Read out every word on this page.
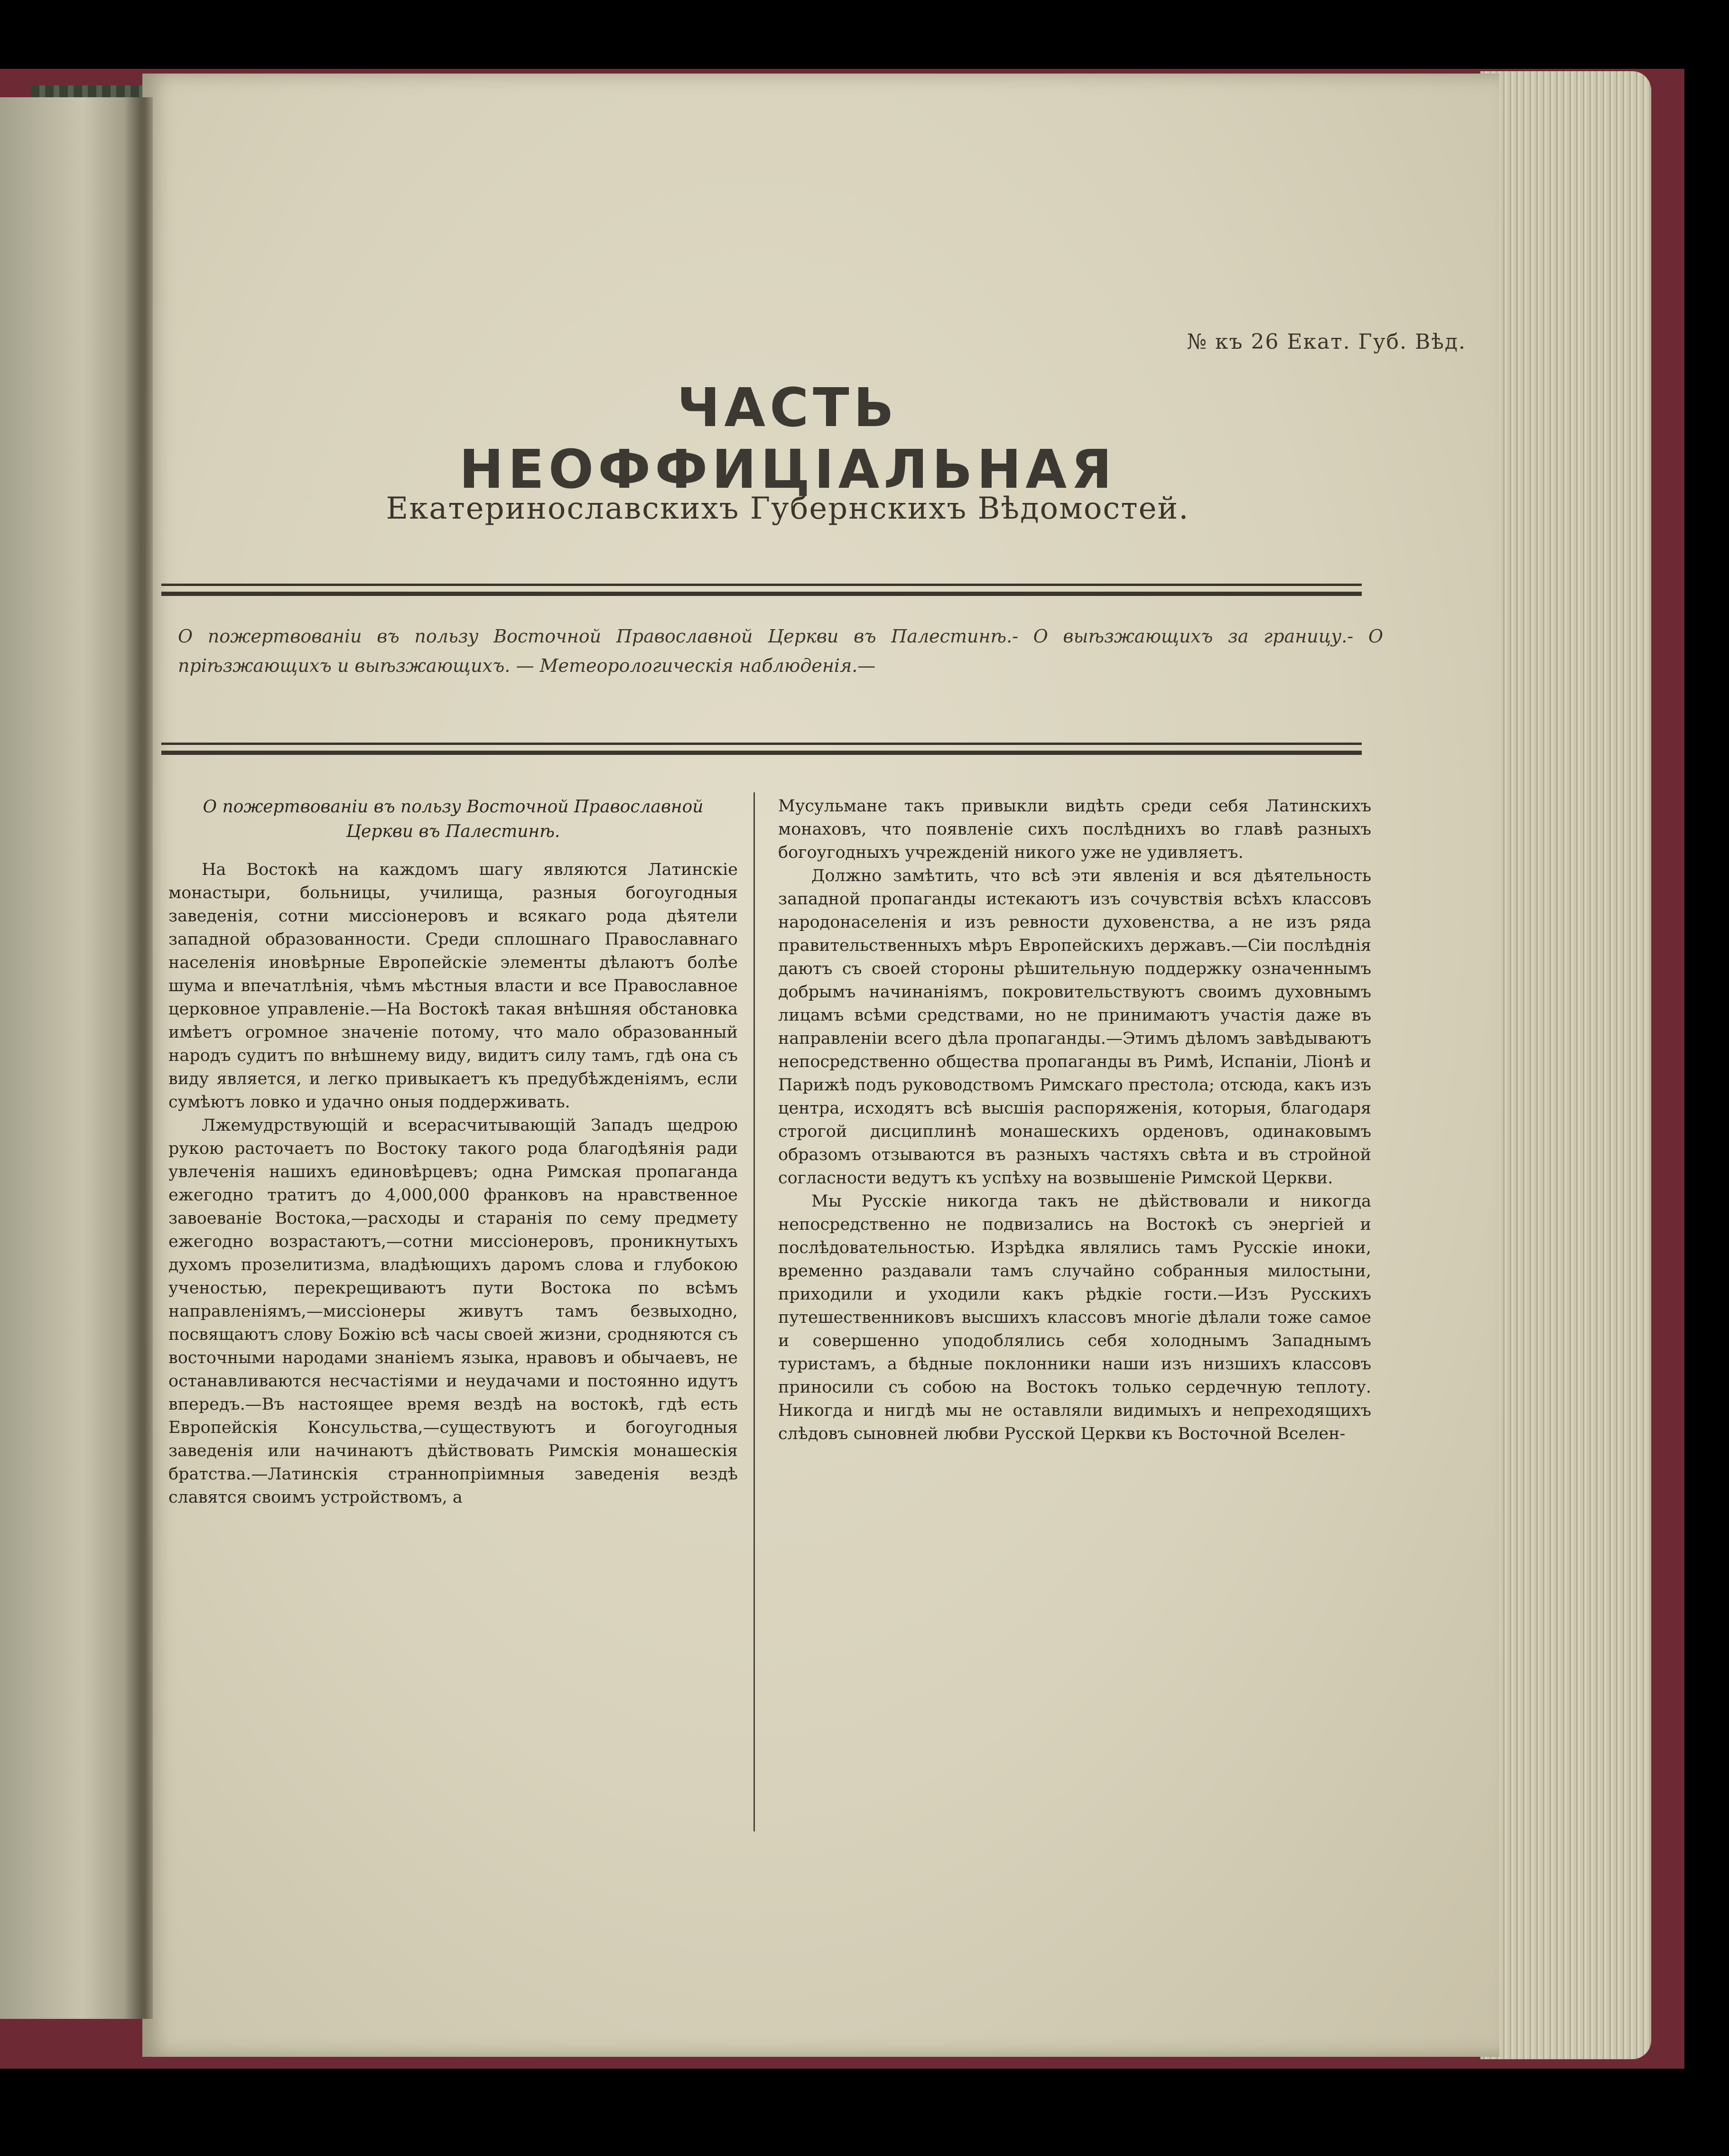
№ къ 26 Екат. Губ. Вѣд.
ЧАСТЬ НЕОФФИЦІАЛЬНАЯ
Екатеринославскихъ Губернскихъ Вѣдомостей.
О пожертвованіи въ пользу Восточной Православной Церкви въ Палестинѣ.- О выѣзжающихъ за границу.- О пріѣзжающихъ и выѣзжающихъ. — Метеорологическія наблюденія.—

О пожертвованіи въ пользу Восточной Православной Церкви въ Палестинѣ.

На Востокѣ на каждомъ шагу являются Латинскіе монастыри, больницы, училища, разныя богоугодныя заведенія, сотни миссіонеровъ и всякаго рода дѣятели западной образованности. Среди сплошнаго Православнаго населенія иновѣрные Европейскіе элементы дѣлаютъ болѣе шума и впечатлѣнія, чѣмъ мѣстныя власти и все Православное церковное управленіе.—На Востокѣ такая внѣшняя обстановка имѣетъ огромное значеніе потому, что мало образованный народъ судитъ по внѣшнему виду, видитъ силу тамъ, гдѣ она съ виду является, и легко привыкаетъ къ предубѣжденіямъ, если сумѣютъ ловко и удачно оныя поддерживать.

Лжемудрствующій и всерасчитывающій Западъ щедрою рукою расточаетъ по Востоку такого рода благодѣянія ради увлеченія нашихъ единовѣрцевъ; одна Римская пропаганда ежегодно тратитъ до 4,000,000 франковъ на нравственное завоеваніе Востока,—расходы и старанія по сему предмету ежегодно возрастаютъ,—сотни миссіонеровъ, проникнутыхъ духомъ прозелитизма, владѣющихъ даромъ слова и глубокою ученостью, перекрещиваютъ пути Востока по всѣмъ направленіямъ,—миссіонеры живутъ тамъ безвыходно, посвящаютъ слову Божію всѣ часы своей жизни, сродняются съ восточными народами знаніемъ языка, нравовъ и обычаевъ, не останавливаются несчастіями и неудачами и постоянно идутъ впередъ.—Въ настоящее время вездѣ на востокѣ, гдѣ есть Европейскія Консульства,—существуютъ и богоугодныя заведенія или начинаютъ дѣйствовать Римскія монашескія братства.—Латинскія страннопріимныя заведенія вездѣ славятся своимъ устройствомъ, а

Мусульмане такъ привыкли видѣть среди себя Латинскихъ монаховъ, что появленіе сихъ послѣднихъ во главѣ разныхъ богоугодныхъ учрежденій никого уже не удивляетъ.

Должно замѣтить, что всѣ эти явленія и вся дѣятельность западной пропаганды истекаютъ изъ сочувствія всѣхъ классовъ народонаселенія и изъ ревности духовенства, а не изъ ряда правительственныхъ мѣръ Европейскихъ державъ.—Сіи послѣднія даютъ съ своей стороны рѣшительную поддержку означеннымъ добрымъ начинаніямъ, покровительствуютъ своимъ духовнымъ лицамъ всѣми средствами, но не принимаютъ участія даже въ направленіи всего дѣла пропаганды.—Этимъ дѣломъ завѣдываютъ непосредственно общества пропаганды въ Римѣ, Испаніи, Ліонѣ и Парижѣ подъ руководствомъ Римскаго престола; отсюда, какъ изъ центра, исходятъ всѣ высшія распоряженія, которыя, благодаря строгой дисциплинѣ монашескихъ орденовъ, одинаковымъ образомъ отзываются въ разныхъ частяхъ свѣта и въ стройной согласности ведутъ къ успѣху на возвышеніе Римской Церкви.

Мы Русскіе никогда такъ не дѣйствовали и никогда непосредственно не подвизались на Востокѣ съ энергіей и послѣдовательностью. Изрѣдка являлись тамъ Русскіе иноки, временно раздавали тамъ случайно собранныя милостыни, приходили и уходили какъ рѣдкіе гости.—Изъ Русскихъ путешественниковъ высшихъ классовъ многіе дѣлали тоже самое и совершенно уподоблялись себя холоднымъ Западнымъ туристамъ, а бѣдные поклонники наши изъ низшихъ классовъ приносили съ собою на Востокъ только сердечную теплоту. Никогда и нигдѣ мы не оставляли видимыхъ и непреходящихъ слѣдовъ сыновней любви Русской Церкви къ Восточной Вселен-
